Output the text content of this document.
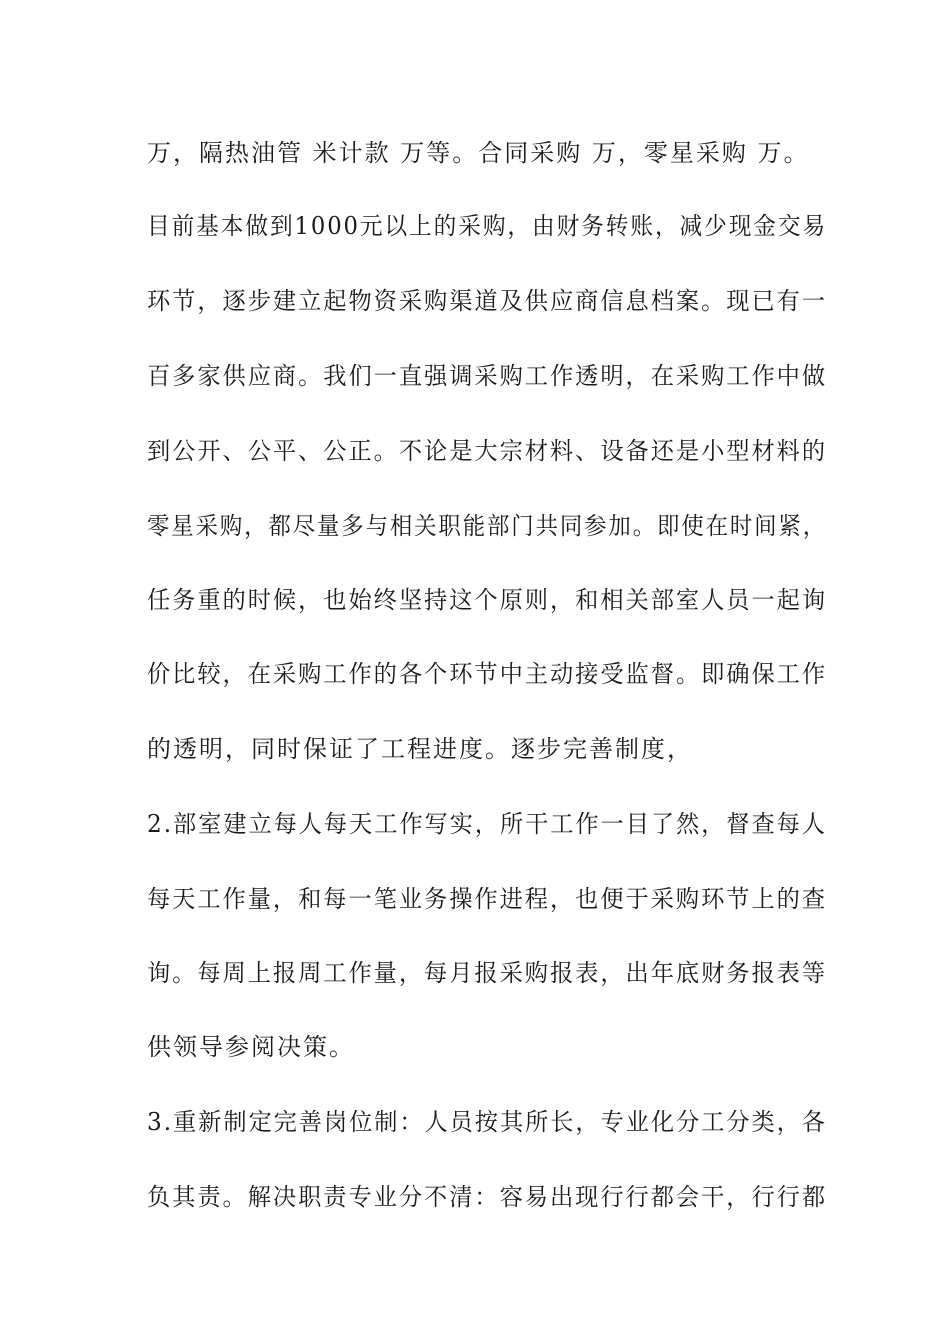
万，隔热油管 米计款 万等。合同采购 万，零星采购 万。
目前基本做到1000元以上的采购，由财务转账，减少现金交易
环节，逐步建立起物资采购渠道及供应商信息档案。现已有一
百多家供应商。我们一直强调采购工作透明，在采购工作中做
到公开、公平、公正。不论是大宗材料、设备还是小型材料的
零星采购，都尽量多与相关职能部门共同参加。即使在时间紧，
任务重的时候，也始终坚持这个原则，和相关部室人员一起询
价比较，在采购工作的各个环节中主动接受监督。即确保工作
的透明，同时保证了工程进度。逐步完善制度，
2.部室建立每人每天工作写实，所干工作一目了然，督查每人
每天工作量，和每一笔业务操作进程，也便于采购环节上的查
询。每周上报周工作量，每月报采购报表，出年底财务报表等
供领导参阅决策。
3.重新制定完善岗位制：人员按其所长，专业化分工分类，各
负其责。解决职责专业分不清：容易出现行行都会干，行行都
